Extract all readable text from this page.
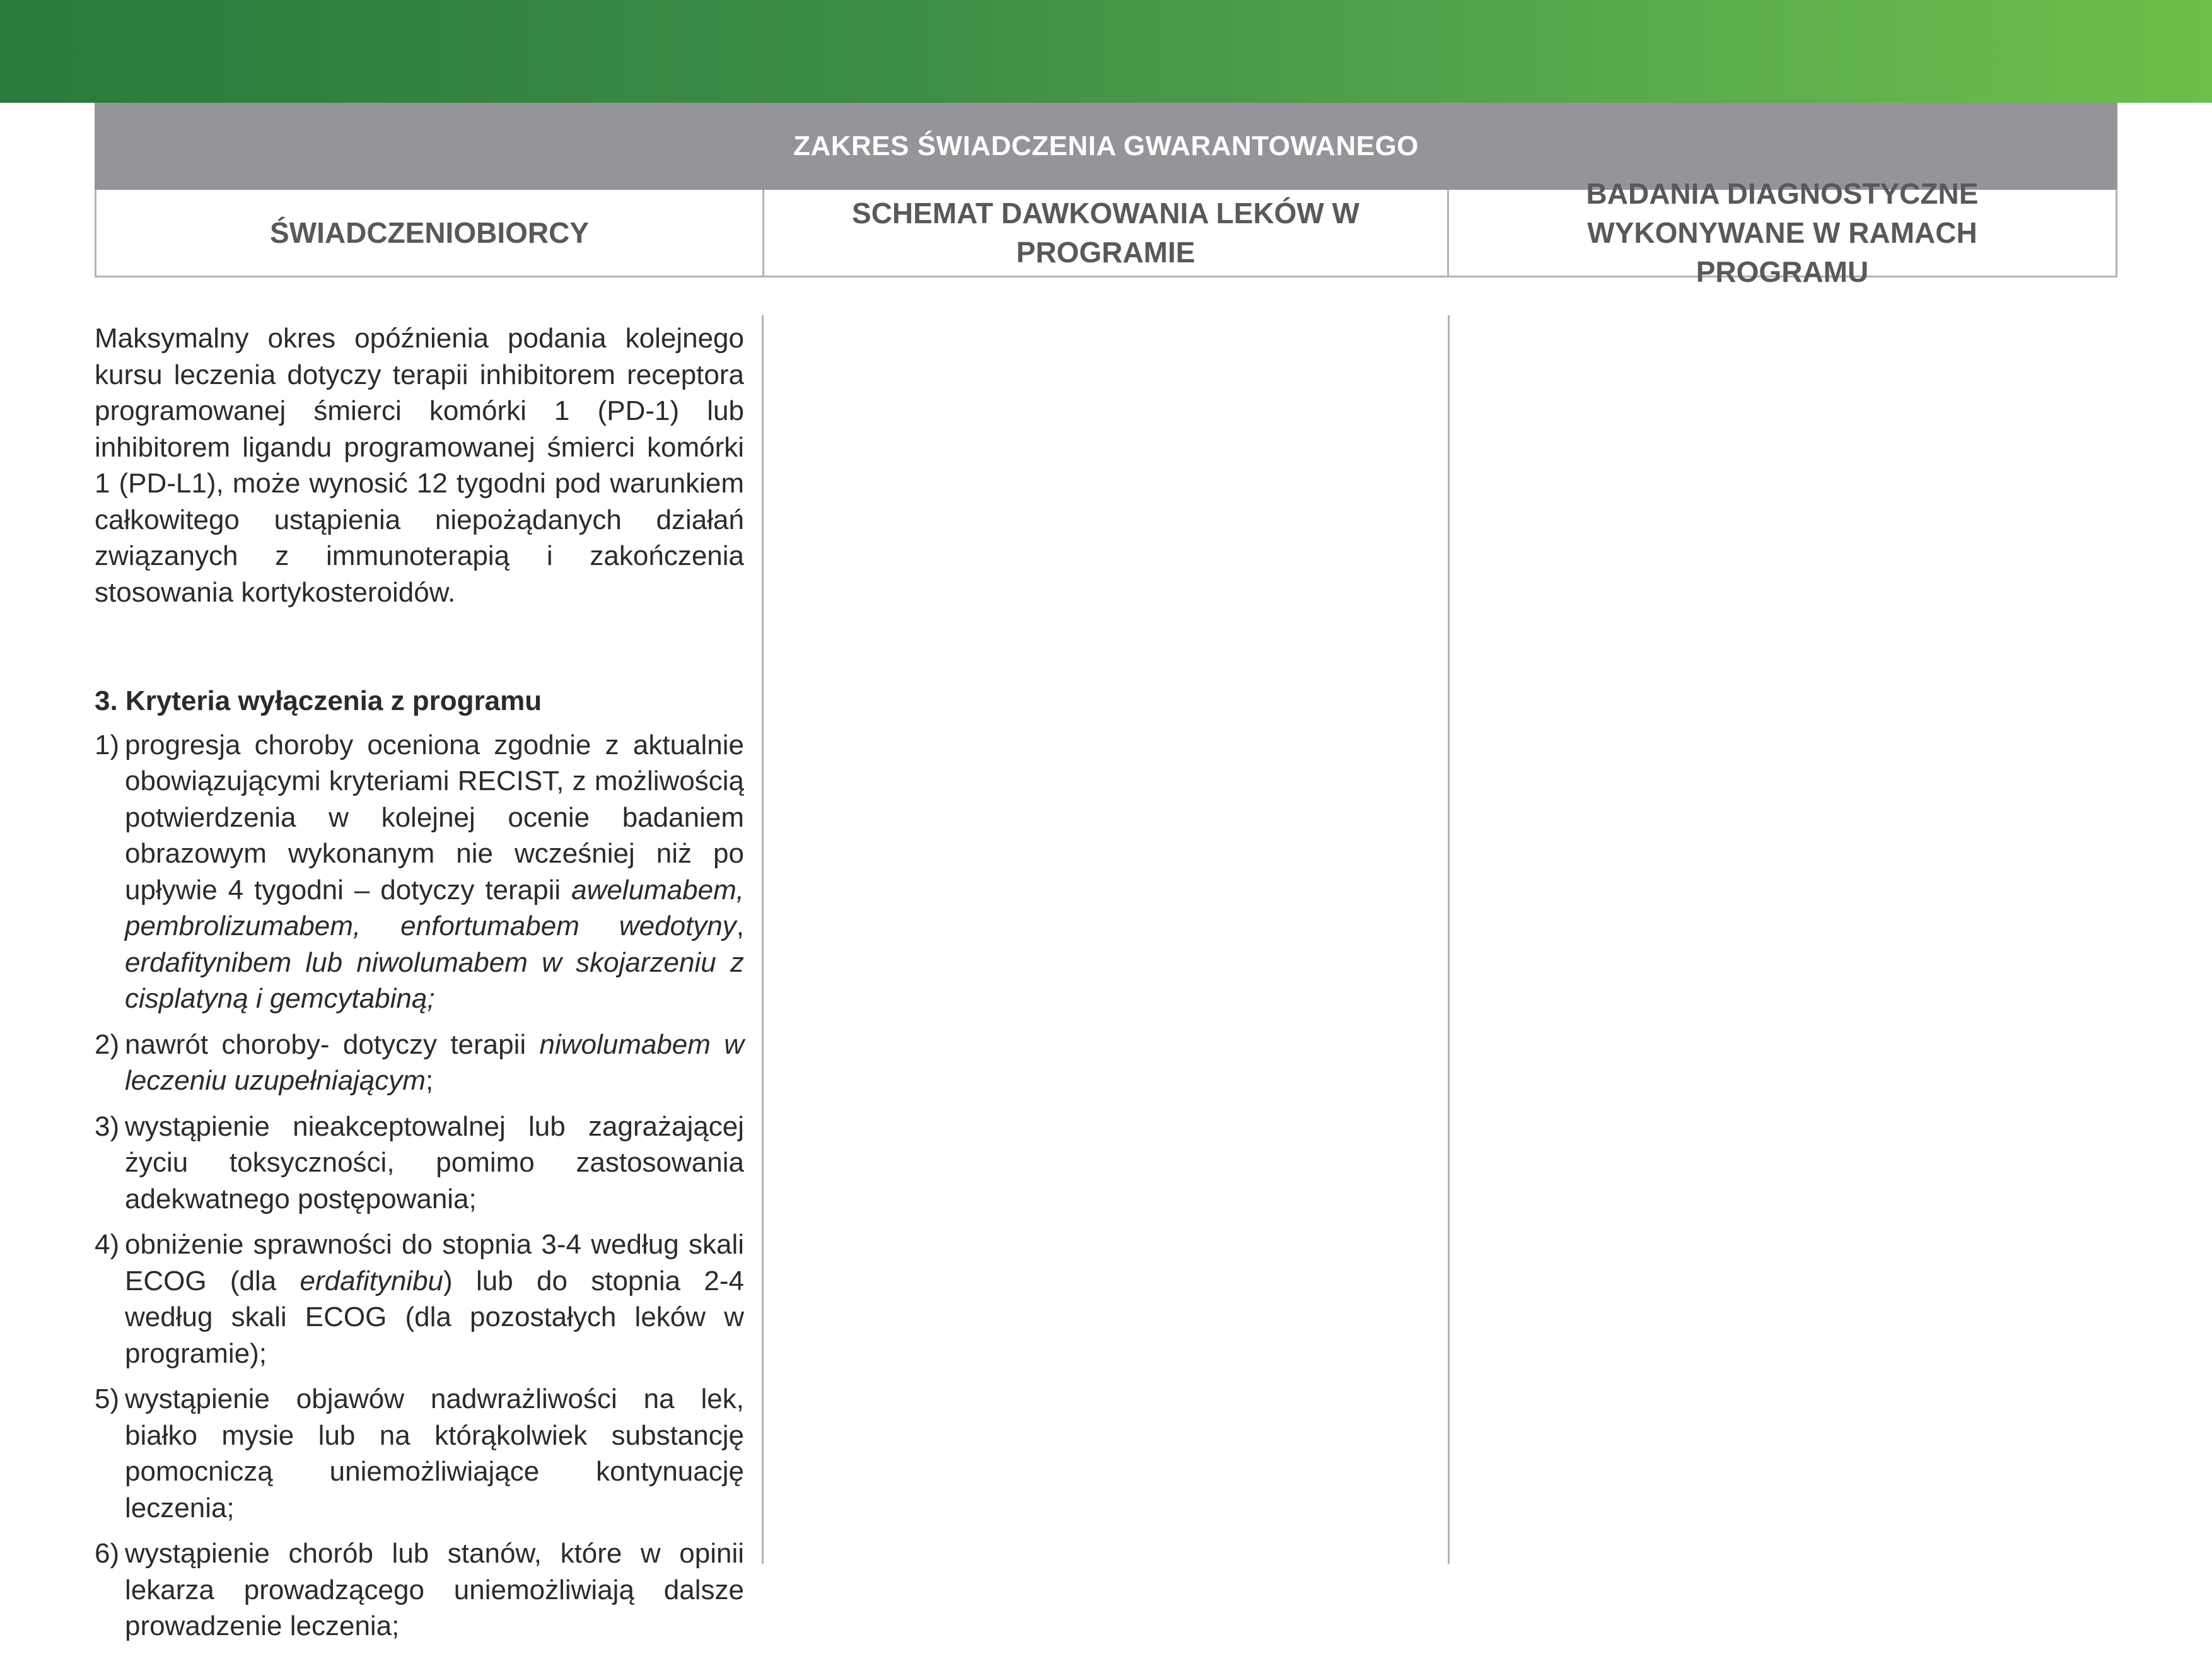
ZAKRES ŚWIADCZENIA GWARANTOWANEGO
ŚWIADCZENIOBIORCY
SCHEMAT DAWKOWANIA LEKÓW W PROGRAMIE
BADANIA DIAGNOSTYCZNE WYKONYWANE W RAMACH PROGRAMU

Maksymalny okres opóźnienia podania kolejnego kursu leczenia dotyczy terapii inhibitorem receptora programowanej śmierci komórki 1 (PD-1) lub inhibitorem ligandu programowanej śmierci komórki 1 (PD-L1), może wynosić 12 tygodni pod warunkiem całkowitego ustąpienia niepożądanych działań związanych z immunoterapią i zakończenia stosowania kortykosteroidów.

3. Kryteria wyłączenia z programu

1) progresja choroby oceniona zgodnie z aktualnie obowiązującymi kryteriami RECIST, z możliwością potwierdzenia w kolejnej ocenie badaniem obrazowym wykonanym nie wcześniej niż po upływie 4 tygodni – dotyczy terapii awelumabem, pembrolizumabem, enfortumabem wedotyny, erdafitynibem lub niwolumabem w skojarzeniu z cisplatyną i gemcytabiną;
2) nawrót choroby- dotyczy terapii niwolumabem w leczeniu uzupełniającym;
3) wystąpienie nieakceptowalnej lub zagrażającej życiu toksyczności, pomimo zastosowania adekwatnego postępowania;
4) obniżenie sprawności do stopnia 3-4 według skali ECOG (dla erdafitynibu) lub do stopnia 2-4 według skali ECOG (dla pozostałych leków w programie);
5) wystąpienie objawów nadwrażliwości na lek, białko mysie lub na którąkolwiek substancję pomocniczą uniemożliwiające kontynuację leczenia;
6) wystąpienie chorób lub stanów, które w opinii lekarza prowadzącego uniemożliwiają dalsze prowadzenie leczenia;
